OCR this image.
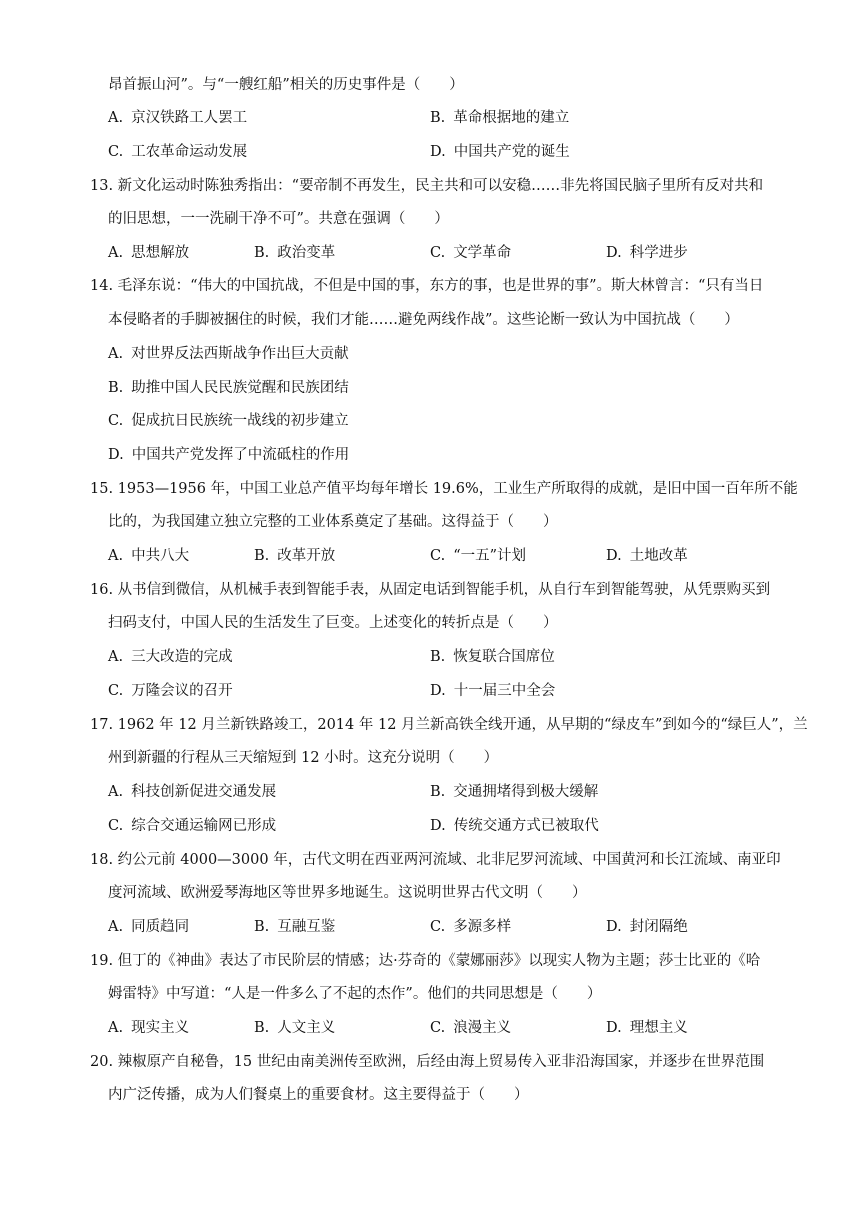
昂首振山河”。与“一艘红船”相关的历史事件是（　　）
A. 京汉铁路工人罢工	B. 革命根据地的建立
C. 工农革命运动发展	D. 中国共产党的诞生
13. 新文化运动时陈独秀指出：“要帝制不再发生，民主共和可以安稳……非先将国民脑子里所有反对共和
的旧思想，一一洗刷干净不可”。共意在强调（　　）
A. 思想解放	B. 政治变革	C. 文学革命	D. 科学进步
14. 毛泽东说：“伟大的中国抗战，不但是中国的事，东方的事，也是世界的事”。斯大林曾言：“只有当日
本侵略者的手脚被捆住的时候，我们才能……避免两线作战”。这些论断一致认为中国抗战（　　）
A. 对世界反法西斯战争作出巨大贡献
B. 助推中国人民民族觉醒和民族团结
C. 促成抗日民族统一战线的初步建立
D. 中国共产党发挥了中流砥柱的作用
15. 1953—1956 年，中国工业总产值平均每年增长 19.6%，工业生产所取得的成就，是旧中国一百年所不能
比的，为我国建立独立完整的工业体系奠定了基础。这得益于（　　）
A. 中共八大	B. 改革开放	C. “一五”计划	D. 土地改革
16. 从书信到微信，从机械手表到智能手表，从固定电话到智能手机，从自行车到智能驾驶，从凭票购买到
扫码支付，中国人民的生活发生了巨变。上述变化的转折点是（　　）
A. 三大改造的完成	B. 恢复联合国席位
C. 万隆会议的召开	D. 十一届三中全会
17. 1962 年 12 月兰新铁路竣工，2014 年 12 月兰新高铁全线开通，从早期的“绿皮车”到如今的“绿巨人”，兰
州到新疆的行程从三天缩短到 12 小时。这充分说明（　　）
A. 科技创新促进交通发展	B. 交通拥堵得到极大缓解
C. 综合交通运输网已形成	D. 传统交通方式已被取代
18. 约公元前 4000—3000 年，古代文明在西亚两河流域、北非尼罗河流域、中国黄河和长江流域、南亚印
度河流域、欧洲爱琴海地区等世界多地诞生。这说明世界古代文明（　　）
A. 同质趋同	B. 互融互鉴	C. 多源多样	D. 封闭隔绝
19. 但丁的《神曲》表达了市民阶层的情感；达·芬奇的《蒙娜丽莎》以现实人物为主题；莎士比亚的《哈
姆雷特》中写道：“人是一件多么了不起的杰作”。他们的共同思想是（　　）
A. 现实主义	B. 人文主义	C. 浪漫主义	D. 理想主义
20. 辣椒原产自秘鲁，15 世纪由南美洲传至欧洲，后经由海上贸易传入亚非沿海国家，并逐步在世界范围
内广泛传播，成为人们餐桌上的重要食材。这主要得益于（　　）
